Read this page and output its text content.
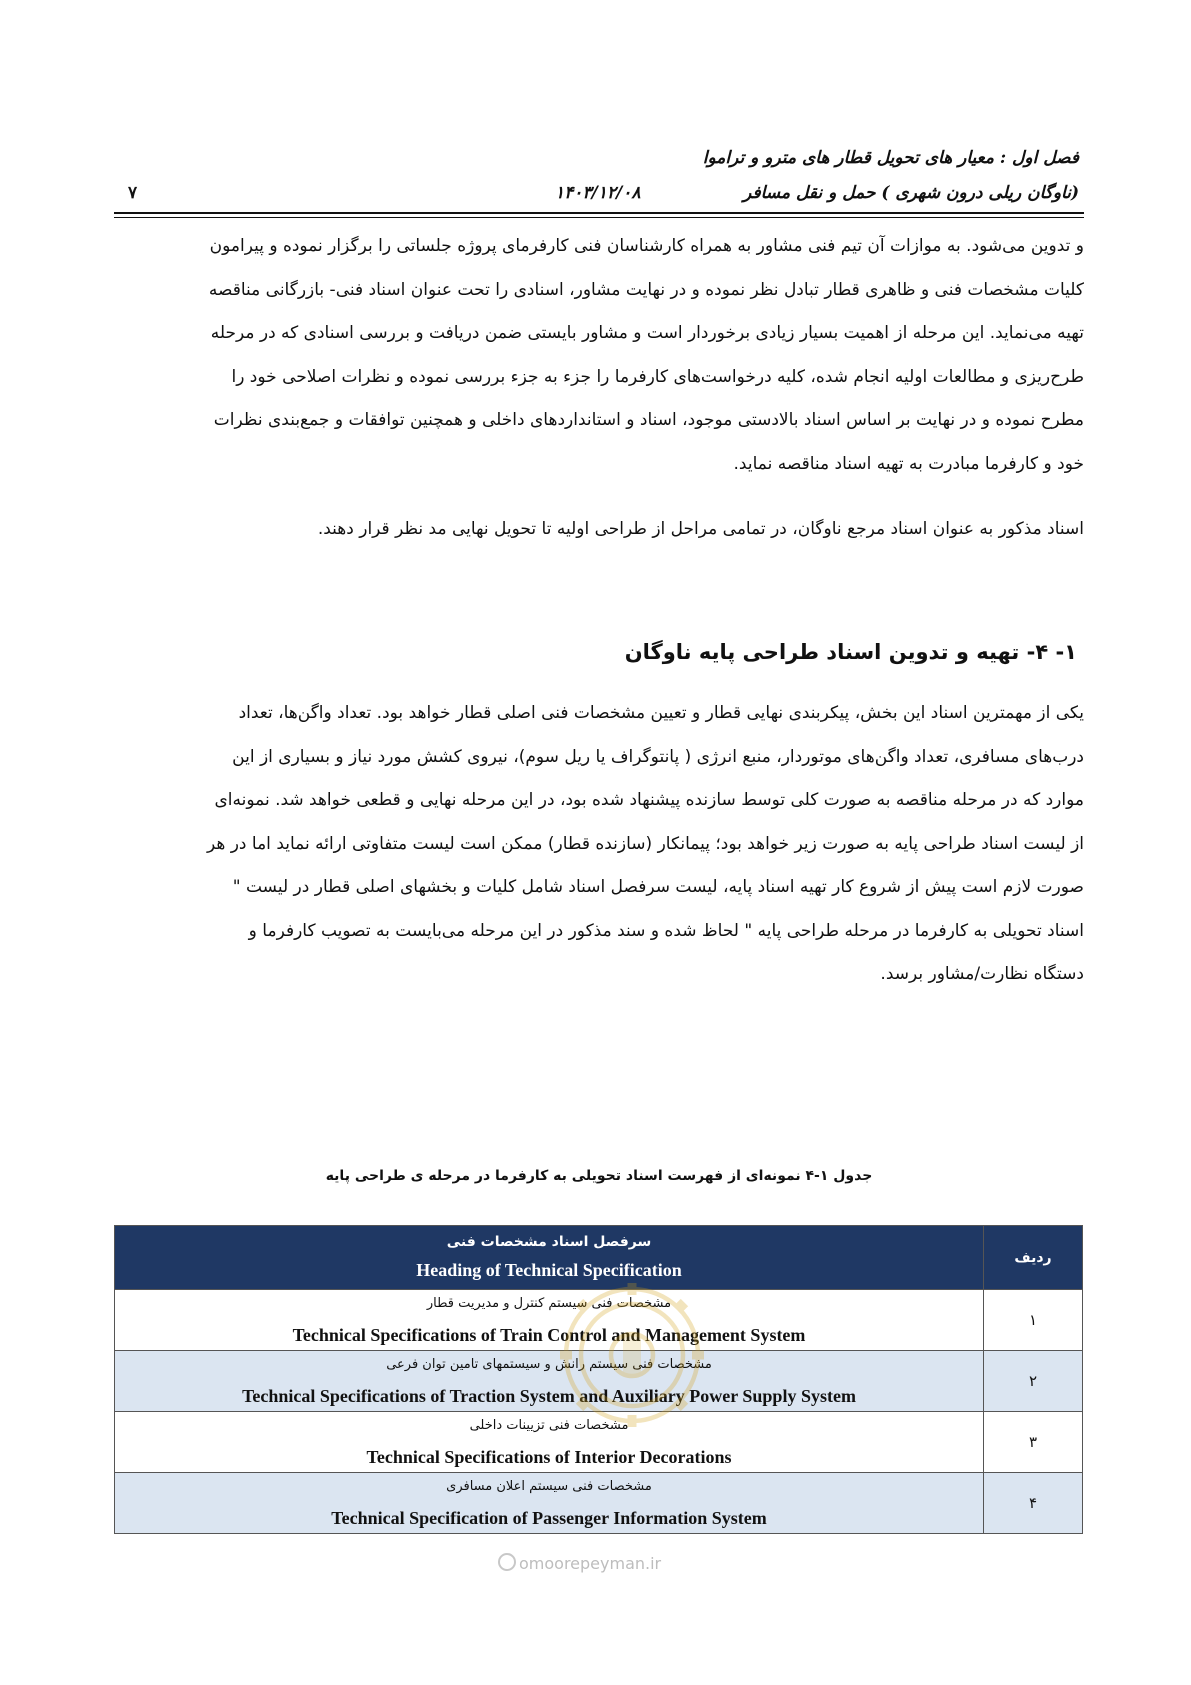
فصل اول : معیار های تحویل قطار های مترو و تراموا
(ناوگان ریلی درون شهری ) حمل و نقل مسافر
۱۴۰۳/۱۲/۰۸
۷
و تدوین می‌شود. به موازات آن تیم فنی مشاور به همراه کارشناسان فنی کارفرمای پروژه جلساتی را برگزار نموده و پیرامون
کلیات مشخصات فنی و ظاهری قطار تبادل نظر نموده و در نهایت مشاور، اسنادی را تحت عنوان اسناد فنی- بازرگانی مناقصه
تهیه می‌نماید. این مرحله از اهمیت بسیار زیادی برخوردار است و مشاور بایستی ضمن دریافت و بررسی اسنادی که در مرحله
طرح‌ریزی و مطالعات اولیه انجام شده، کلیه درخواست‌های کارفرما را جزء به جزء بررسی نموده و نظرات اصلاحی خود را
مطرح نموده و در نهایت بر اساس اسناد بالادستی موجود، اسناد و استانداردهای داخلی و همچنین توافقات و جمع‌بندی نظرات
خود و کارفرما مبادرت به تهیه اسناد مناقصه نماید.
اسناد مذکور به عنوان اسناد مرجع ناوگان، در تمامی مراحل از طراحی اولیه تا تحویل نهایی مد نظر قرار دهند.
۱- ۴- تهیه و تدوین اسناد طراحی پایه ناوگان
یکی از مهمترین اسناد این بخش، پیکربندی نهایی قطار و تعیین مشخصات فنی اصلی قطار خواهد بود. تعداد واگن‌ها، تعداد
درب‌های مسافری، تعداد واگن‌های موتوردار، منبع انرژی ( پانتوگراف یا ریل سوم)، نیروی کشش مورد نیاز و بسیاری از این
موارد که در مرحله مناقصه به صورت کلی توسط سازنده پیشنهاد شده بود، در این مرحله نهایی و قطعی خواهد شد. نمونه‌ای
از لیست اسناد طراحی پایه به صورت زیر خواهد بود؛ پیمانکار (سازنده قطار) ممکن است لیست متفاوتی ارائه نماید اما در هر
صورت لازم است پیش از شروع کار تهیه اسناد پایه، لیست سرفصل اسناد شامل کلیات و بخشهای اصلی قطار در لیست "
اسناد تحویلی به کارفرما در مرحله طراحی پایه " لحاظ شده و سند مذکور در این مرحله می‌بایست به تصویب کارفرما و
دستگاه نظارت/مشاور برسد.
جدول ۱-۴ نمونه‌ای از فهرست اسناد تحویلی به کارفرما در مرحله ی طراحی پایه
ردیف	سرفصل اسناد مشخصات فنی
Heading of Technical Specification

۱	مشخصات فنی سیستم کنترل و مدیریت قطار
Technical Specifications of Train Control and Management System

۲	مشخصات فنی سیستم رانش و سیستمهای تامین توان فرعی
Technical Specifications of Traction System and Auxiliary Power Supply System

۳	مشخصات فنی تزیینات داخلی
Technical Specifications of Interior Decorations

۴	مشخصات فنی سیستم اعلان مسافری
Technical Specification of Passenger Information System
omoorepeyman.ir
